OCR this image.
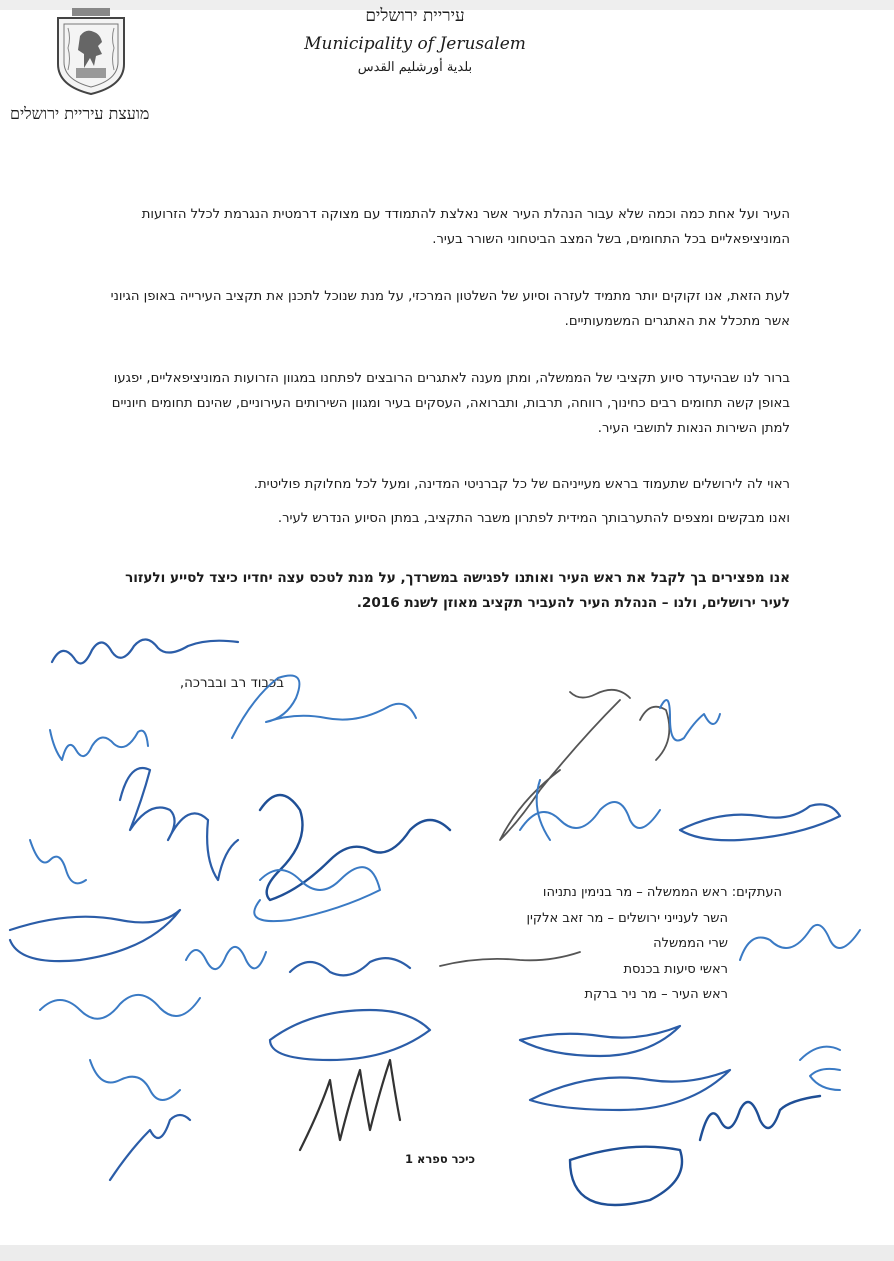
מועצת עיריית ירושלים
עיריית ירושלים
Municipality of Jerusalem
بلدية أورشليم القدس
העיר ועל אחת כמה וכמה שלא עבור הנהלת העיר אשר נאלצת להתמודד עם מצוקה דרמטית הנגרמת לכלל הזרועות המוניציפאליים בכל התחומים, בשל המצב הביטחוני השורר בעיר.
לעת הזאת, אנו זקוקים יותר מתמיד לעזרה וסיוע של השלטון המרכזי, על מנת שנוכל לתכנן את תקציב העירייה באופן הגיוני אשר מתכלל את האתגרים המשמעותיים.
ברור לנו שבהיעדר סיוע תקציבי של הממשלה, ומתן מענה לאתגרים הרובצים לפתחנו במגוון הזרועות המוניציפאליים, יפגעו באופן קשה תחומים רבים כחינוך, רווחה, תרבות, ותברואה, העסקים בעיר ומגוון השירותים העירוניים, שהינם תחומים חיוניים למתן השירות הנאות לתושבי העיר.
ראוי לה לירושלים שתעמוד בראש מעייניהם של כל קברניטי המדינה, ומעל לכל מחלוקת פוליטית.
ואנו מבקשים ומצפים להתערבותך המידית לפתרון משבר התקציב, במתן הסיוע הנדרש לעיר.
אנו מפצירים בך לקבל את ראש העיר ואותנו לפגישה במשרדך, על מנת לטכס עצה יחדיו כיצד לסייע ולעזור לעיר ירושלים, ולנו – הנהלת העיר להעביר תקציב מאוזן לשנת 2016.
בכבוד רב ובברכה,
העתקים: ראש הממשלה – מר בנימין נתניהו
השר לענייני ירושלים – מר זאב אלקין
שרי הממשלה
ראשי סיעות בכנסת
ראש העיר – מר ניר ברקת
כיכר ספרא 1
